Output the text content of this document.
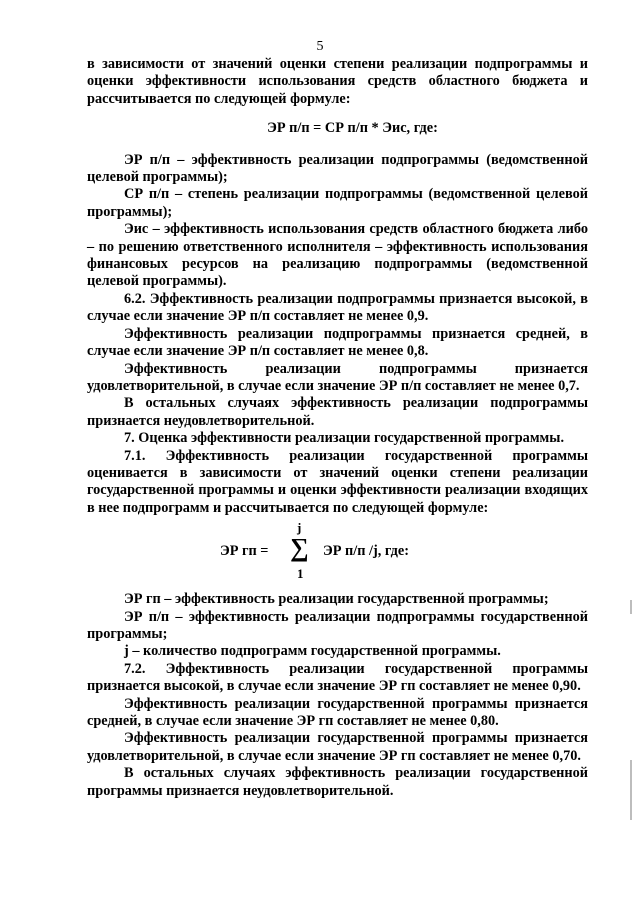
5

в зависимости от значений оценки степени реализации подпрограммы и оценки эффективности использования средств областного бюджета и рассчитывается по следующей формуле:

ЭР п/п = СР п/п * Эис, где:

ЭР п/п – эффективность реализации подпрограммы (ведомственной целевой программы);

СР п/п – степень реализации подпрограммы (ведомственной целевой программы);

Эис – эффективность использования средств областного бюджета либо – по решению ответственного исполнителя – эффективность использования финансовых ресурсов на реализацию подпрограммы (ведомственной целевой программы).

6.2. Эффективность реализации подпрограммы признается высокой, в случае если значение ЭР п/п составляет не менее 0,9.

Эффективность реализации подпрограммы признается средней, в случае если значение ЭР п/п составляет не менее 0,8.

Эффективность реализации подпрограммы признается удовлетворительной, в случае если значение ЭР п/п составляет не менее 0,7.

В остальных случаях эффективность реализации подпрограммы признается неудовлетворительной.

7. Оценка эффективности реализации государственной программы.

7.1. Эффективность реализации государственной программы оценивается в зависимости от значений оценки степени реализации государственной программы и оценки эффективности реализации входящих в нее подпрограмм и рассчитывается по следующей формуле:

ЭР гп =
j
∑
1
ЭР п/п /j, где:

ЭР гп – эффективность реализации государственной программы;

ЭР п/п – эффективность реализации подпрограммы государственной программы;

j – количество подпрограмм государственной программы.

7.2. Эффективность реализации государственной программы признается высокой, в случае если значение ЭР гп составляет не менее 0,90.

Эффективность реализации государственной программы признается средней, в случае если значение ЭР гп составляет не менее 0,80.

Эффективность реализации государственной программы признается удовлетворительной, в случае если значение ЭР гп составляет не менее 0,70.

В остальных случаях эффективность реализации государственной программы признается неудовлетворительной.
